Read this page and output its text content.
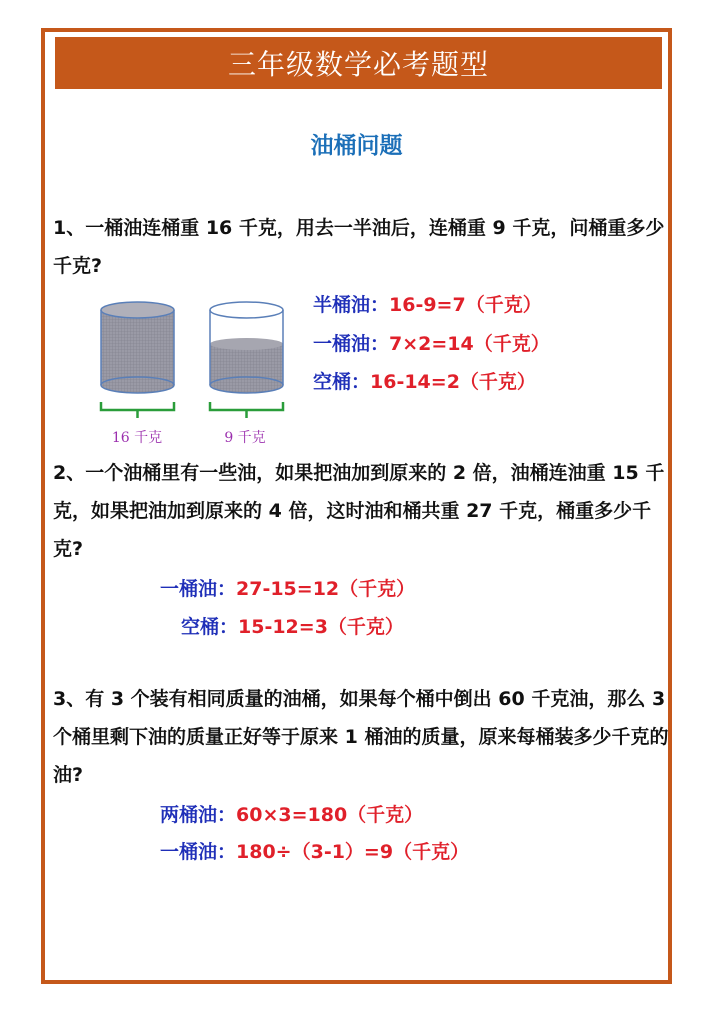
三年级数学必考题型
油桶问题
1、一桶油连桶重 16 千克，用去一半油后，连桶重 9 千克，问桶重多少千克?
16 千克	9 千克
半桶油：16-9=7（千克）
一桶油：7×2=14（千克）
空桶：16-14=2（千克）
2、一个油桶里有一些油，如果把油加到原来的 2 倍，油桶连油重 15 千克，如果把油加到原来的 4 倍，这时油和桶共重 27 千克，桶重多少千克?
一桶油：27-15=12（千克）
空桶：15-12=3（千克）
3、有 3 个装有相同质量的油桶，如果每个桶中倒出 60 千克油，那么 3 个桶里剩下油的质量正好等于原来 1 桶油的质量，原来每桶装多少千克的油?
两桶油：60×3=180（千克）
一桶油：180÷（3-1）=9（千克）
